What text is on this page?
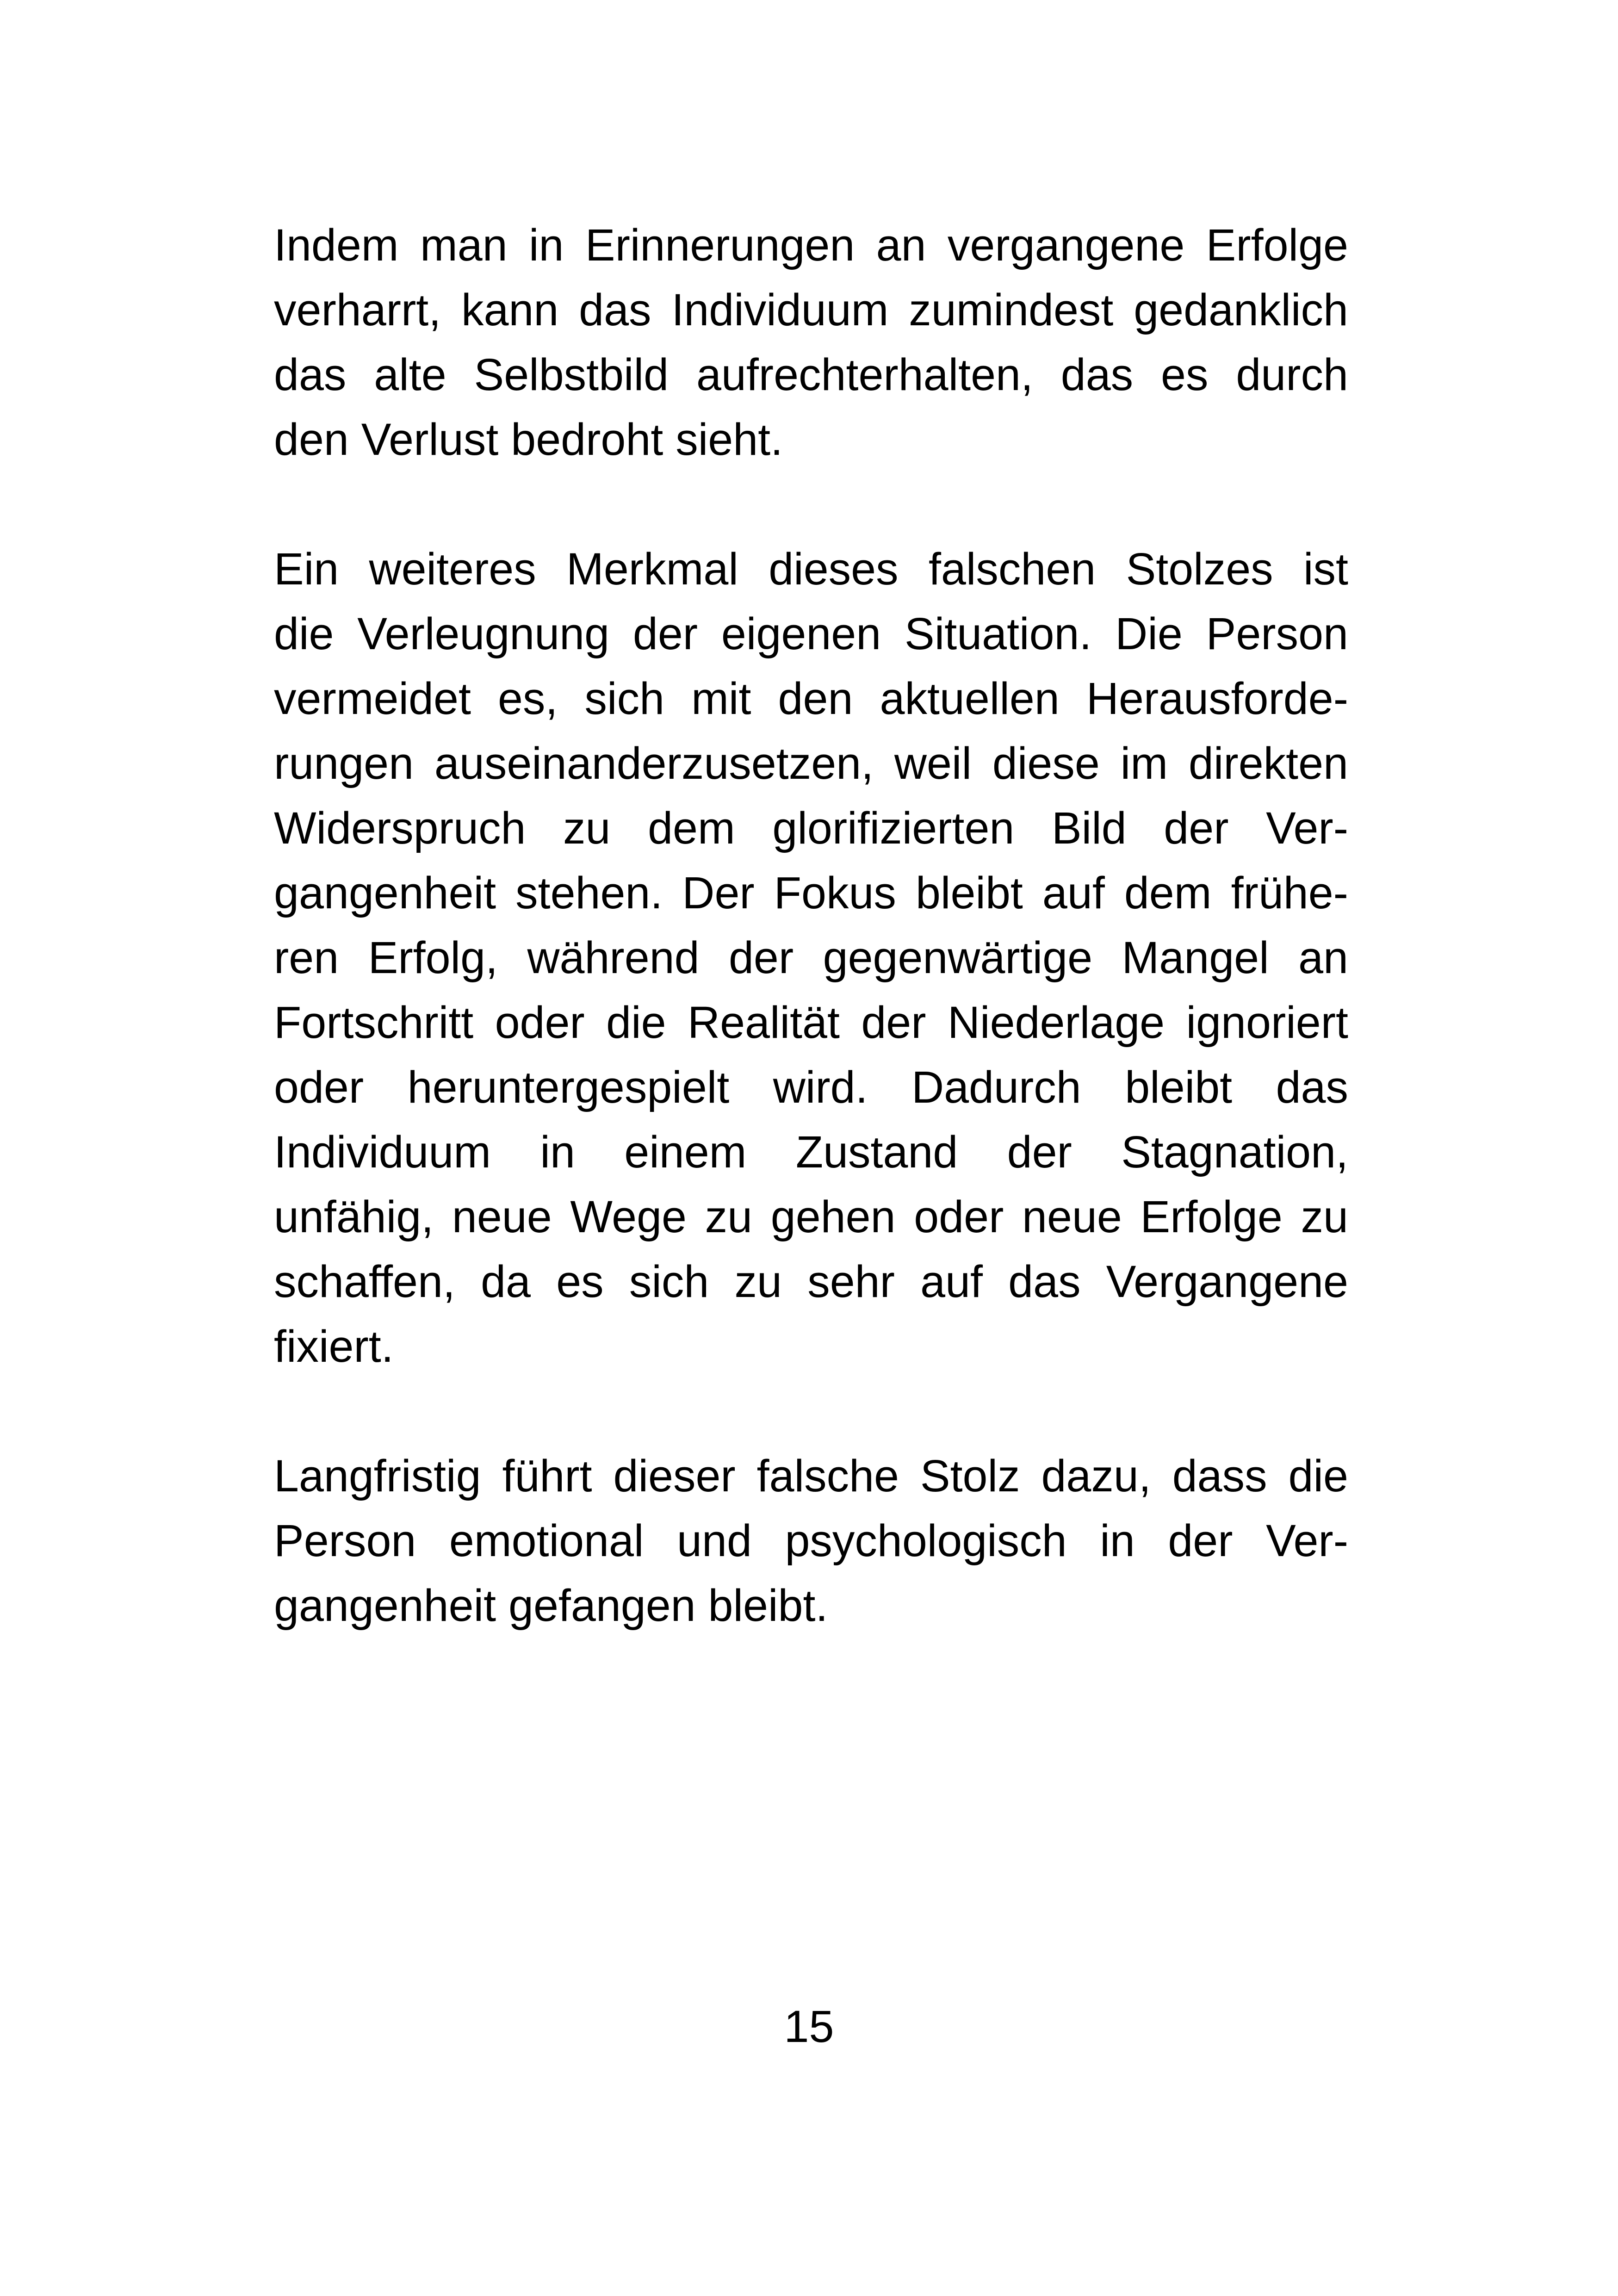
Indem man in Erinnerungen an vergangene Erfolge
verharrt, kann das Individuum zumindest gedanklich
das alte Selbstbild aufrechterhalten, das es durch
den Verlust bedroht sieht.
Ein weiteres Merkmal dieses falschen Stolzes ist
die Verleugnung der eigenen Situation. Die Person
vermeidet es, sich mit den aktuellen Herausforde-
rungen auseinanderzusetzen, weil diese im direkten
Widerspruch zu dem glorifizierten Bild der Ver-
gangenheit stehen. Der Fokus bleibt auf dem frühe-
ren Erfolg, während der gegenwärtige Mangel an
Fortschritt oder die Realität der Niederlage ignoriert
oder heruntergespielt wird. Dadurch bleibt das
Individuum in einem Zustand der Stagnation,
unfähig, neue Wege zu gehen oder neue Erfolge zu
schaffen, da es sich zu sehr auf das Vergangene
fixiert.
Langfristig führt dieser falsche Stolz dazu, dass die
Person emotional und psychologisch in der Ver-
gangenheit gefangen bleibt.
15
